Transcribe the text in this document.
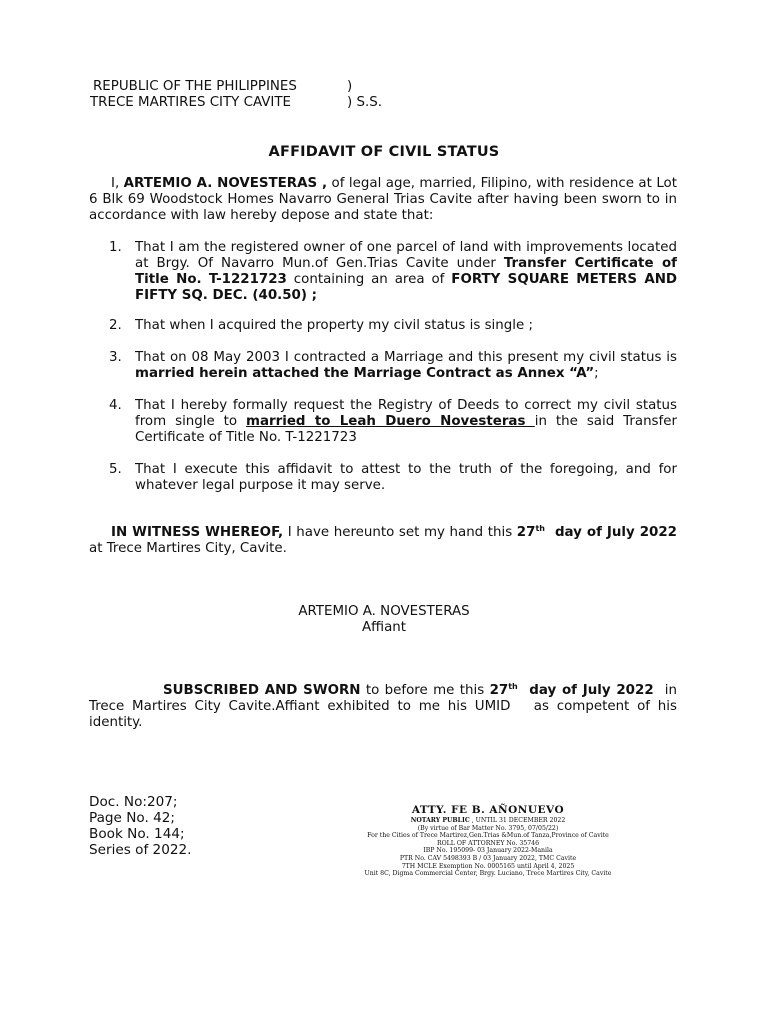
REPUBLIC OF THE PHILIPPINES	)
TRECE MARTIRES CITY CAVITE	) S.S.
AFFIDAVIT OF CIVIL STATUS
I, ARTEMIO A. NOVESTERAS , of legal age, married, Filipino, with residence at Lot 6 Blk 69 Woodstock Homes Navarro General Trias Cavite after having been sworn to in accordance with law hereby depose and state that:
1. That I am the registered owner of one parcel of land with improvements located at Brgy. Of Navarro Mun.of Gen.Trias Cavite under Transfer Certificate of Title No. T-1221723 containing an area of FORTY SQUARE METERS AND FIFTY SQ. DEC. (40.50) ;
2. That when I acquired the property my civil status is single ;
3. That on 08 May 2003 I contracted a Marriage and this present my civil status is married herein attached the Marriage Contract as Annex “A”;
4. That I hereby formally request the Registry of Deeds to correct my civil status from single to married to Leah Duero Novesteras in the said Transfer Certificate of Title No. T-1221723
5. That I execute this affidavit to attest to the truth of the foregoing, and for whatever legal purpose it may serve.
IN WITNESS WHEREOF, I have hereunto set my hand this 27th  day of July 2022 at Trece Martires City, Cavite.
ARTEMIO A. NOVESTERAS
Affiant
SUBSCRIBED AND SWORN to before me this 27th  day of July 2022  in Trece Martires City Cavite.Affiant exhibited to me his UMID   as competent of his identity.
Doc. No:207;
Page No. 42;
Book No. 144;
Series of 2022.
ATTY. FE B. AÑONUEVO
NOTARY PUBLIC , UNTIL 31 DECEMBER 2022
(By virtue of Bar Matter No. 3795, 07/05/22)
For the Cities of Trece Martirez,Gen.Trias &Mun.of Tanza,Province of Cavite
ROLL OF ATTORNEY No. 35746
IBP No. 195099- 03 January 2022-Manila
PTR No. CAV 5498393 B / 03 January 2022, TMC Cavite
7TH MCLE Exemption No. 0005165 until April 4, 2025
Unit 8C, Digma Commercial Center, Brgy. Luciano, Trece Martires City, Cavite
